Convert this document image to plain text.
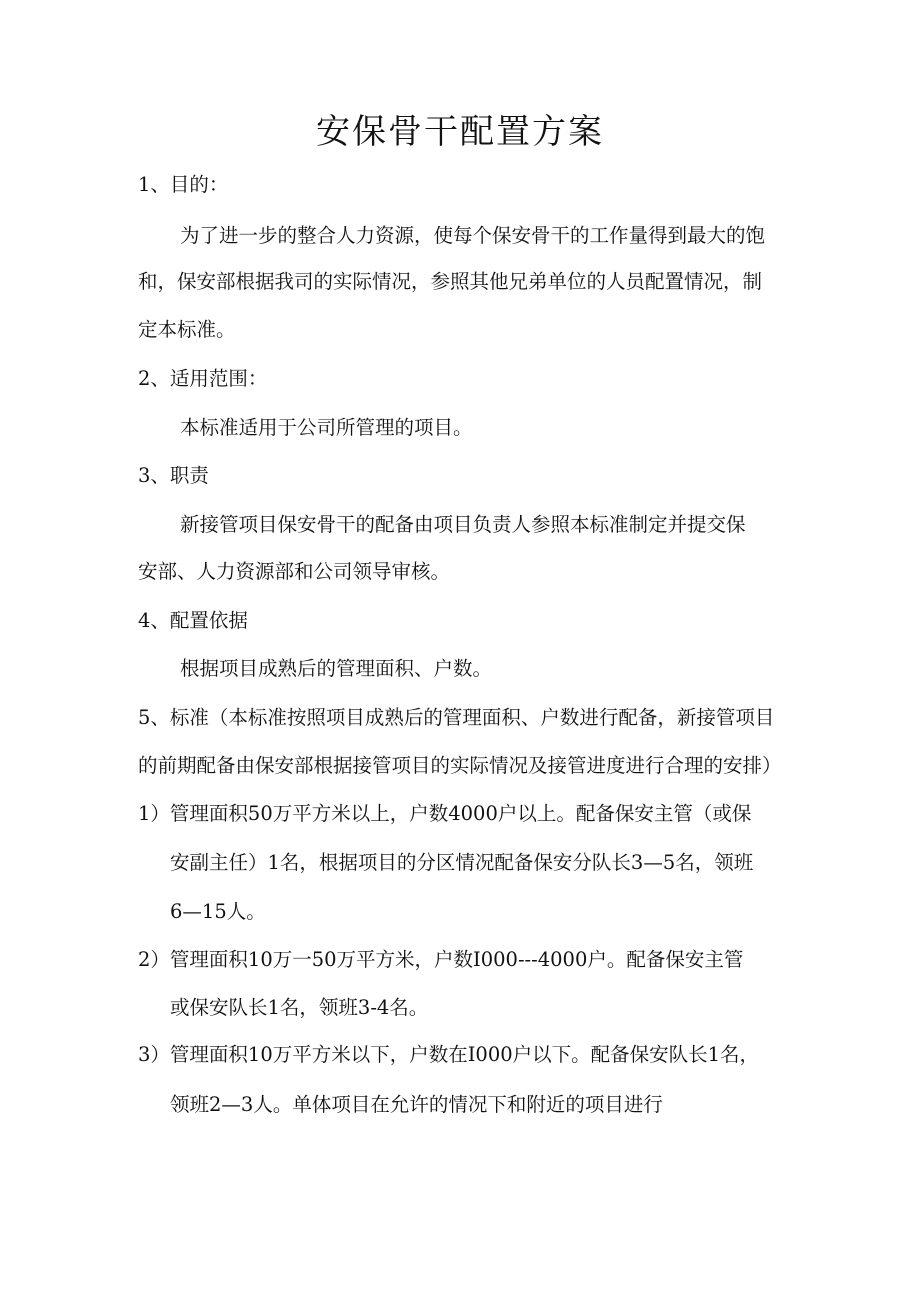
安保骨干配置方案
1、目的：
为了进一步的整合人力资源，使每个保安骨干的工作量得到最大的饱
和，保安部根据我司的实际情况，参照其他兄弟单位的人员配置情况，制
定本标准。
2、适用范围：
本标准适用于公司所管理的项目。
3、职责
新接管项目保安骨干的配备由项目负责人参照本标准制定并提交保
安部、人力资源部和公司领导审核。
4、配置依据
根据项目成熟后的管理面积、户数。
5、标准（本标准按照项目成熟后的管理面积、户数进行配备，新接管项目
的前期配备由保安部根据接管项目的实际情况及接管进度进行合理的安排）
1）管理面积50万平方米以上，户数4000户以上。配备保安主管（或保
安副主任）1名，根据项目的分区情况配备保安分队长3—5名，领班
6—15人。
2）管理面积10万一50万平方米，户数I000---4000户。配备保安主管
或保安队长1名，领班3-4名。
3）管理面积10万平方米以下，户数在I000户以下。配备保安队长1名，
领班2—3人。单体项目在允许的情况下和附近的项目进行
